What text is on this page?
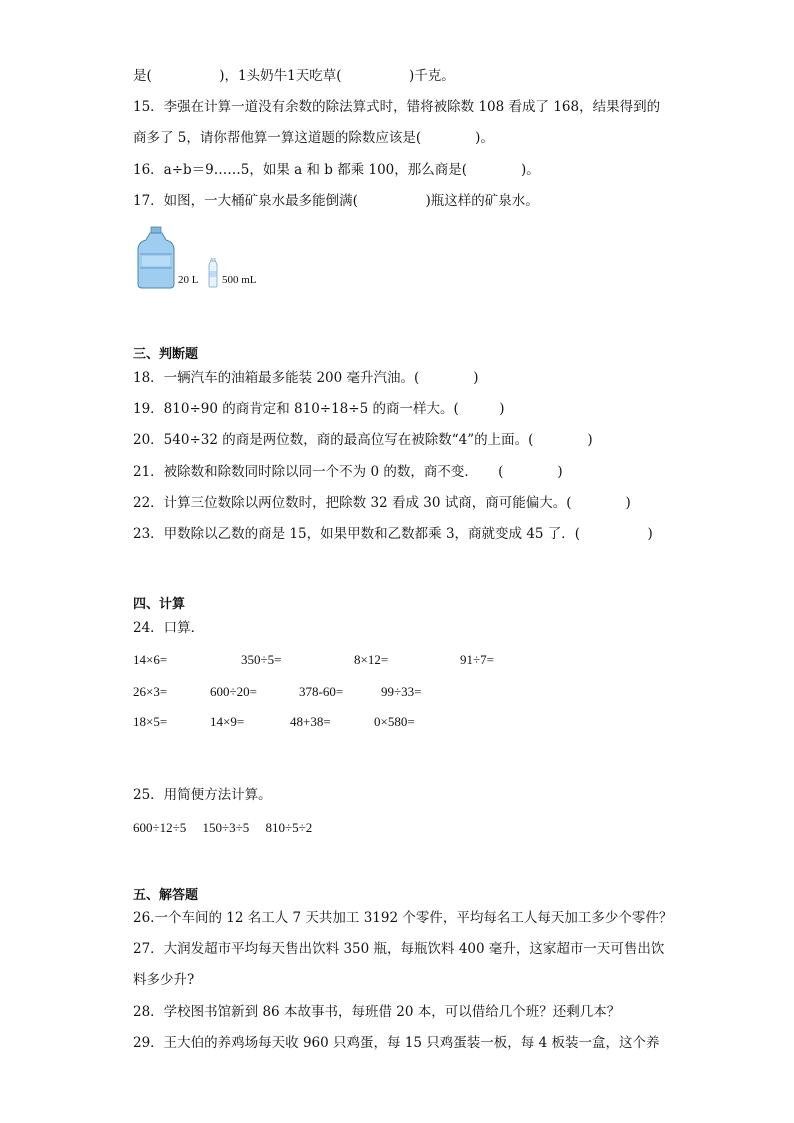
是(　　　　　)，1头奶牛1天吃草(　　　　　)千克。
15．李强在计算一道没有余数的除法算式时，错将被除数 108 看成了 168，结果得到的
商多了 5，请你帮他算一算这道题的除数应该是(　　　　)。
16．a÷b＝9……5，如果 a 和 b 都乘 100，那么商是(　　　　)。
17．如图，一大桶矿泉水最多能倒满(　　　　　)瓶这样的矿泉水。
20 L 500 mL
三、判断题
18．一辆汽车的油箱最多能装 200 毫升汽油。(　　　　)
19．810÷90 的商肯定和 810÷18÷5 的商一样大。(　　　)
20．540÷32 的商是两位数，商的最高位写在被除数“4”的上面。(　　　　)
21．被除数和除数同时除以同一个不为 0 的数，商不变．　　(　　　　)
22．计算三位数除以两位数时，把除数 32 看成 30 试商，商可能偏大。(　　　　)
23．甲数除以乙数的商是 15，如果甲数和乙数都乘 3，商就变成 45 了．(　　　　　)
四、计算
24．口算．
14×6=	350÷5=	8×12=	91÷7=
26×3=	600÷20=	378-60=	99÷33=
18×5=	14×9=	48+38=	0×580=
25．用简便方法计算。
600÷12÷5　 150÷3÷5　 810÷5÷2
五、解答题
26.一个车间的 12 名工人 7 天共加工 3192 个零件，平均每名工人每天加工多少个零件？
27．大润发超市平均每天售出饮料 350 瓶，每瓶饮料 400 毫升，这家超市一天可售出饮
料多少升?
28．学校图书馆新到 86 本故事书，每班借 20 本，可以借给几个班？还剩几本？
29．王大伯的养鸡场每天收 960 只鸡蛋，每 15 只鸡蛋装一板，每 4 板装一盒，这个养
